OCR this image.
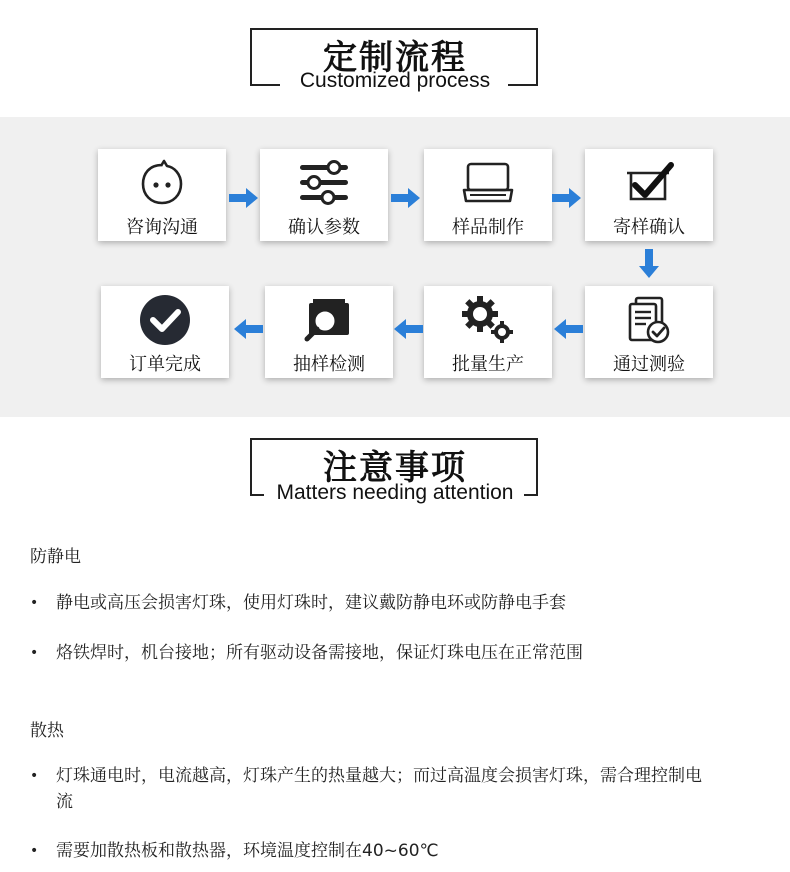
定制流程
Customized process
咨询沟通	确认参数	样品制作	寄样确认
订单完成	抽样检测	批量生产	通过测验
注意事项
Matters needing attention
防静电
•	静电或高压会损害灯珠，使用灯珠时，建议戴防静电环或防静电手套
•	烙铁焊时，机台接地；所有驱动设备需接地，保证灯珠电压在正常范围
散热
•	灯珠通电时，电流越高，灯珠产生的热量越大；而过高温度会损害灯珠，需合理控制电流
•	需要加散热板和散热器，环境温度控制在40~60℃
